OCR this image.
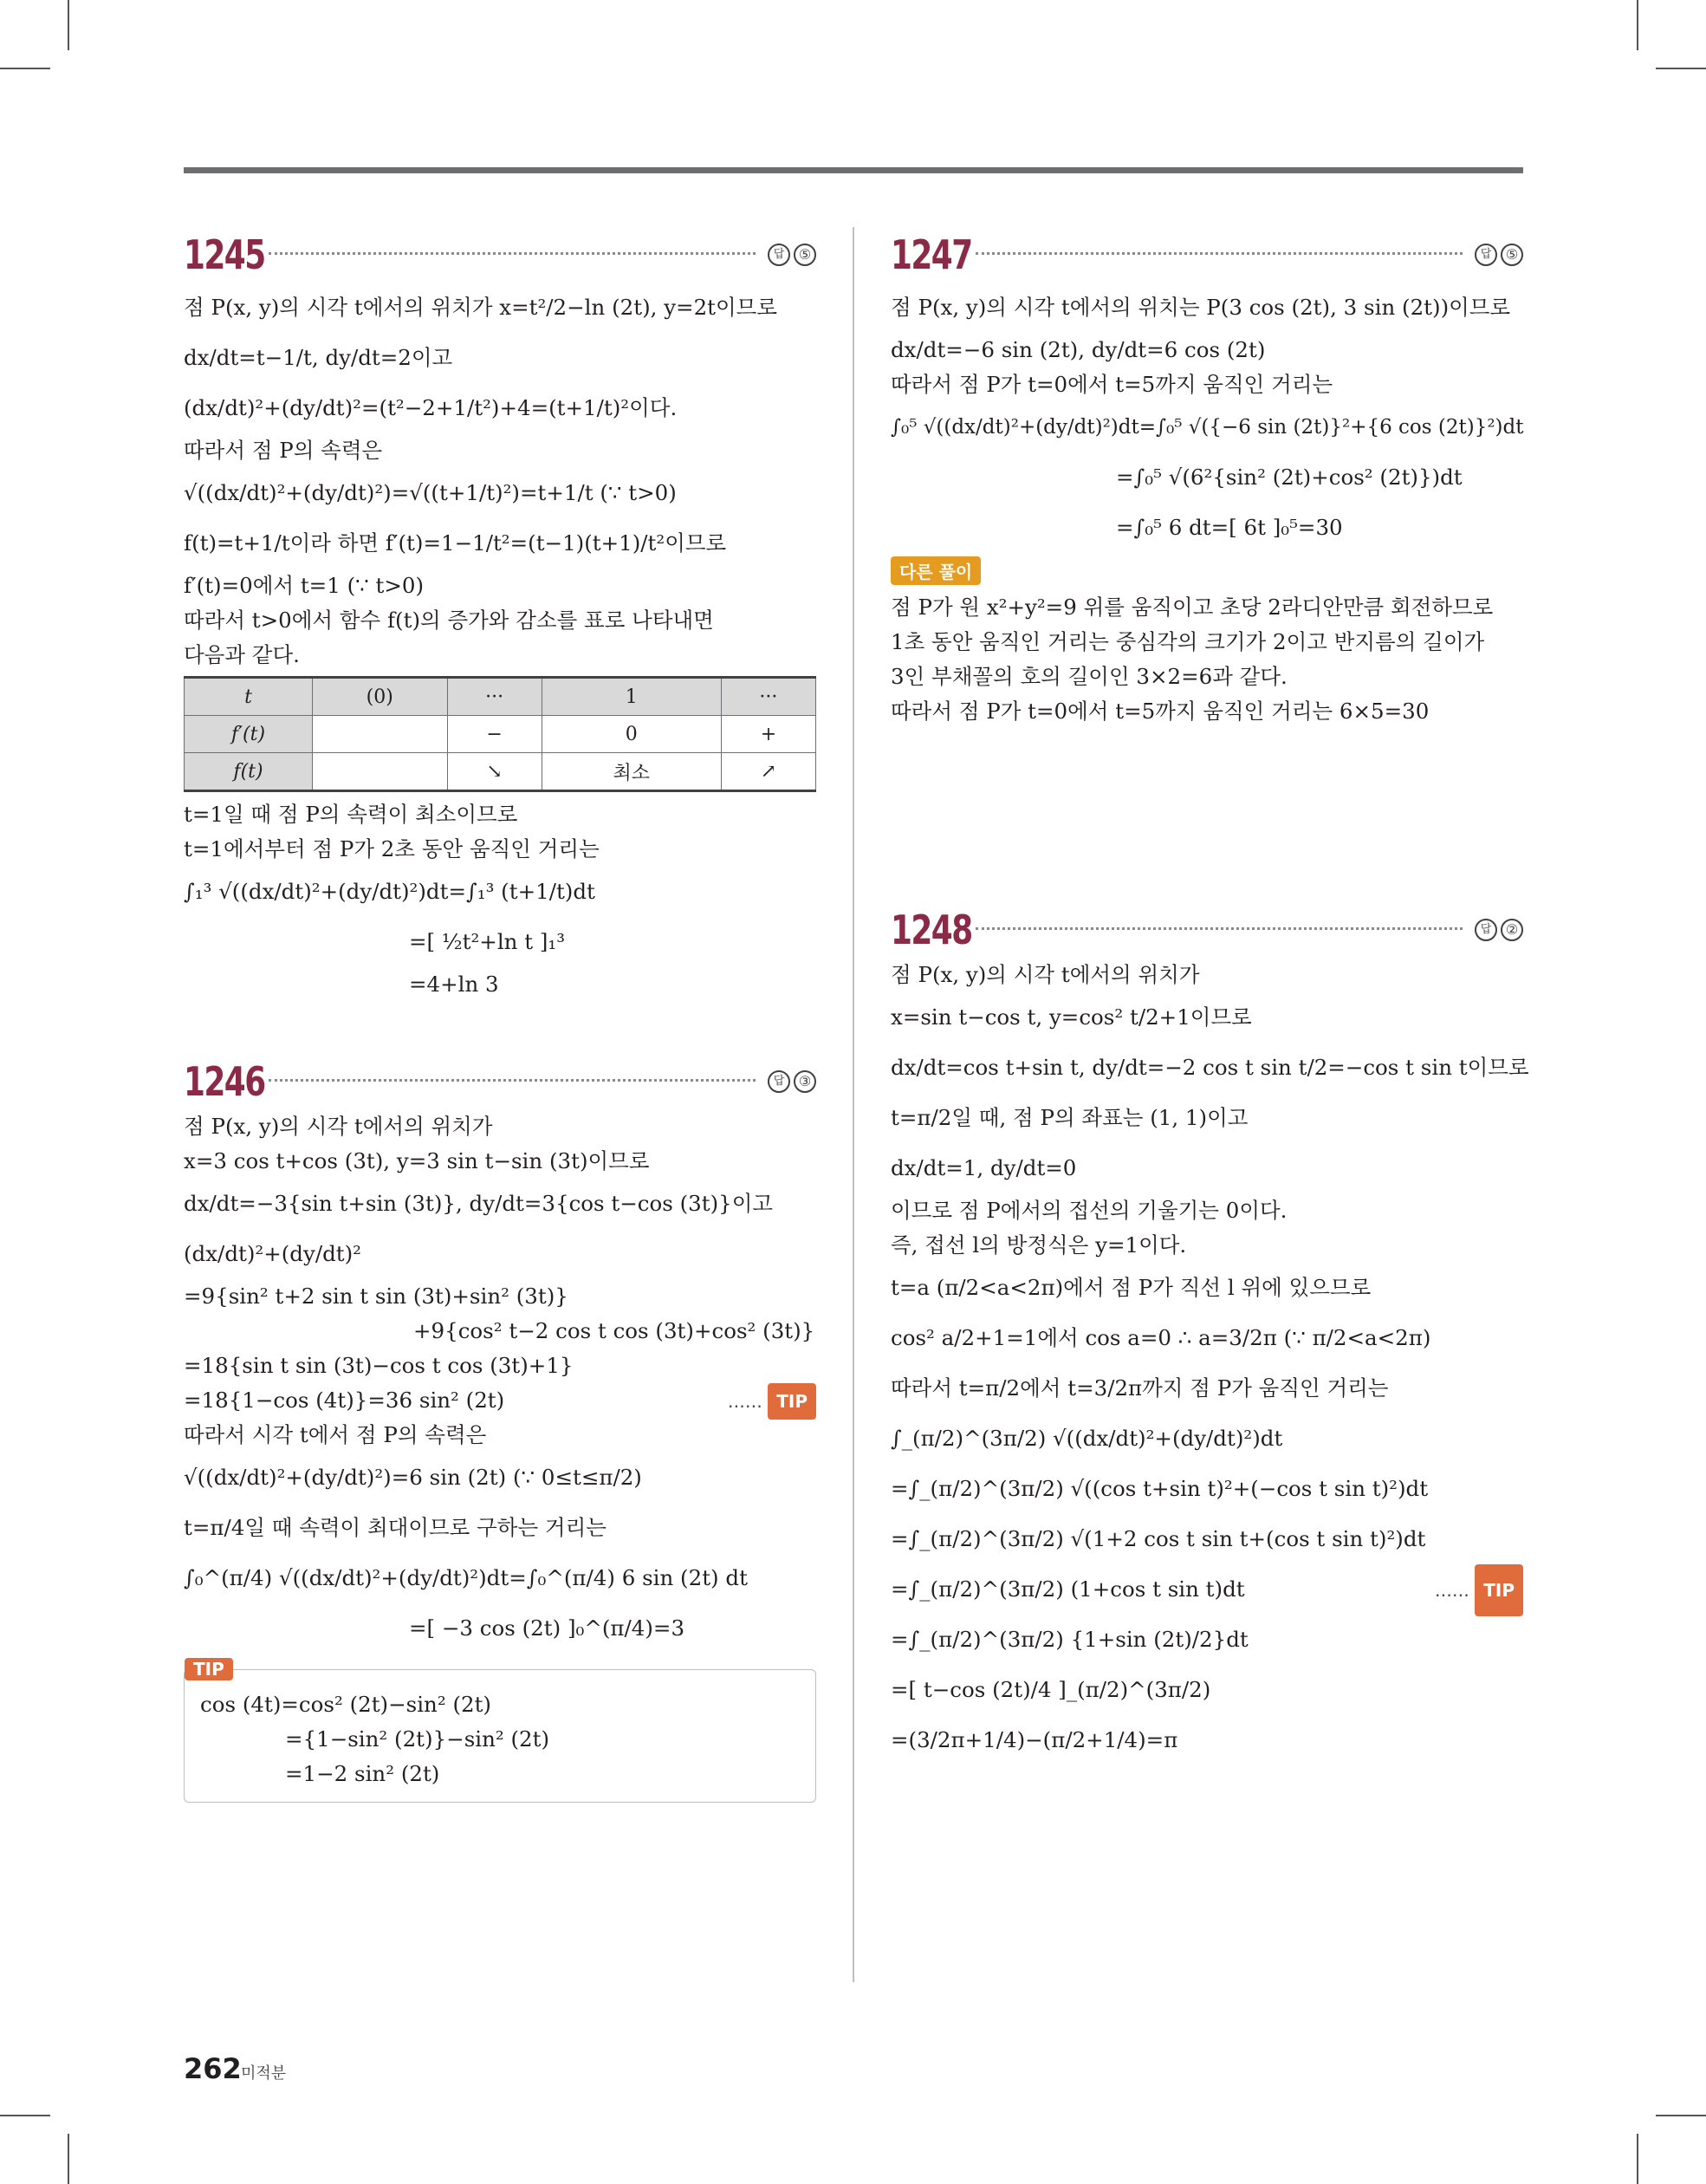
1245	답	⑤
점 P(x, y)의 시각 t에서의 위치가 x=t²/2−ln (2t), y=2t이므로
dx/dt=t−1/t, dy/dt=2이고
(dx/dt)²+(dy/dt)²=(t²−2+1/t²)+4=(t+1/t)²이다.
따라서 점 P의 속력은
√((dx/dt)²+(dy/dt)²)=√((t+1/t)²)=t+1/t (∵ t>0)
f(t)=t+1/t이라 하면 f′(t)=1−1/t²=(t−1)(t+1)/t²이므로
f′(t)=0에서 t=1 (∵ t>0)
따라서 t>0에서 함수 f(t)의 증가와 감소를 표로 나타내면
다음과 같다.
t	(0)	···	1	···
f′(t)		−	0	+
f(t)		↘	최소	↗
t=1일 때 점 P의 속력이 최소이므로
t=1에서부터 점 P가 2초 동안 움직인 거리는
∫₁³ √((dx/dt)²+(dy/dt)²)dt=∫₁³ (t+1/t)dt
=[ ½t²+ln t ]₁³
=4+ln 3
1246	답	③
점 P(x, y)의 시각 t에서의 위치가
x=3 cos t+cos (3t), y=3 sin t−sin (3t)이므로
dx/dt=−3{sin t+sin (3t)}, dy/dt=3{cos t−cos (3t)}이고
(dx/dt)²+(dy/dt)²
=9{sin² t+2 sin t sin (3t)+sin² (3t)}
+9{cos² t−2 cos t cos (3t)+cos² (3t)}
=18{sin t sin (3t)−cos t cos (3t)+1}
=18{1−cos (4t)}=36 sin² (2t)	…… TIP
따라서 시각 t에서 점 P의 속력은
√((dx/dt)²+(dy/dt)²)=6 sin (2t) (∵ 0≤t≤π/2)
t=π/4일 때 속력이 최대이므로 구하는 거리는
∫₀^(π/4) √((dx/dt)²+(dy/dt)²)dt=∫₀^(π/4) 6 sin (2t) dt
=[ −3 cos (2t) ]₀^(π/4)=3
TIP
cos (4t)=cos² (2t)−sin² (2t)
={1−sin² (2t)}−sin² (2t)
=1−2 sin² (2t)
1247	답	⑤
점 P(x, y)의 시각 t에서의 위치는 P(3 cos (2t), 3 sin (2t))이므로
dx/dt=−6 sin (2t), dy/dt=6 cos (2t)
따라서 점 P가 t=0에서 t=5까지 움직인 거리는
∫₀⁵ √((dx/dt)²+(dy/dt)²)dt=∫₀⁵ √({−6 sin (2t)}²+{6 cos (2t)}²)dt
=∫₀⁵ √(6²{sin² (2t)+cos² (2t)})dt
=∫₀⁵ 6 dt=[ 6t ]₀⁵=30
다른 풀이
점 P가 원 x²+y²=9 위를 움직이고 초당 2라디안만큼 회전하므로
1초 동안 움직인 거리는 중심각의 크기가 2이고 반지름의 길이가
3인 부채꼴의 호의 길이인 3×2=6과 같다.
따라서 점 P가 t=0에서 t=5까지 움직인 거리는 6×5=30
1248	답	②
점 P(x, y)의 시각 t에서의 위치가
x=sin t−cos t, y=cos² t/2+1이므로
dx/dt=cos t+sin t, dy/dt=−2 cos t sin t/2=−cos t sin t이므로
t=π/2일 때, 점 P의 좌표는 (1, 1)이고
dx/dt=1, dy/dt=0
이므로 점 P에서의 접선의 기울기는 0이다.
즉, 접선 l의 방정식은 y=1이다.
t=a (π/2<a<2π)에서 점 P가 직선 l 위에 있으므로
cos² a/2+1=1에서 cos a=0 ∴ a=3/2π (∵ π/2<a<2π)
따라서 t=π/2에서 t=3/2π까지 점 P가 움직인 거리는
∫_(π/2)^(3π/2) √((dx/dt)²+(dy/dt)²)dt
=∫_(π/2)^(3π/2) √((cos t+sin t)²+(−cos t sin t)²)dt
=∫_(π/2)^(3π/2) √(1+2 cos t sin t+(cos t sin t)²)dt
=∫_(π/2)^(3π/2) (1+cos t sin t)dt	…… TIP
=∫_(π/2)^(3π/2) {1+sin (2t)/2}dt
=[ t−cos (2t)/4 ]_(π/2)^(3π/2)
=(3/2π+1/4)−(π/2+1/4)=π
262 미적분
